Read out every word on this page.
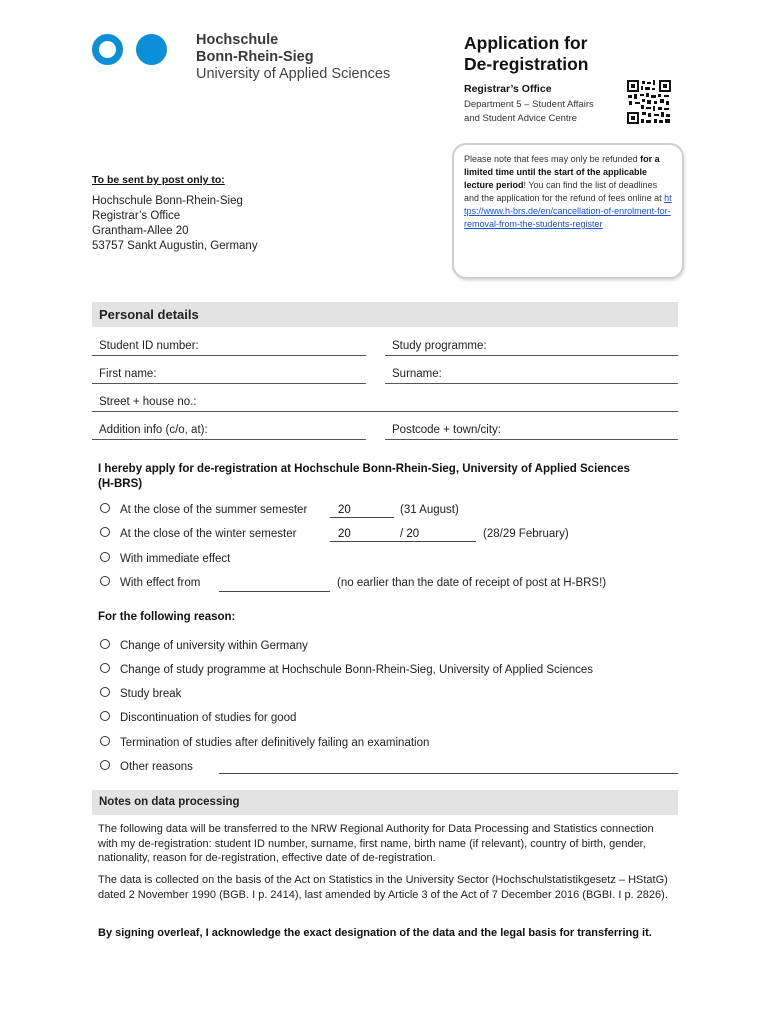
Hochschule
Bonn-Rhein-Sieg
University of Applied Sciences
Application for
De-registration
Registrar’s Office
Department 5 – Student Affairs
and Student Advice Centre
Please note that fees may only be refunded for a limited time until the start of the applicable lecture period! You can find the list of deadlines and the application for the refund of fees online at https://www.h-brs.de/en/cancellation-of-enrolment-for-removal-from-the-students-register
To be sent by post only to:
Hochschule Bonn-Rhein-Sieg
Registrar’s Office
Grantham-Allee 20
53757 Sankt Augustin, Germany
Personal details
Student ID number:	Study programme:
First name:	Surname:
Street + house no.:
Addition info (c/o, at):	Postcode + town/city:
I hereby apply for de-registration at Hochschule Bonn-Rhein-Sieg, University of Applied Sciences (H-BRS)
At the close of the summer semester	20	(31 August)
At the close of the winter semester	20	/ 20	(28/29 February)
With immediate effect
With effect from	(no earlier than the date of receipt of post at H-BRS!)
For the following reason:
Change of university within Germany
Change of study programme at Hochschule Bonn-Rhein-Sieg, University of Applied Sciences
Study break
Discontinuation of studies for good
Termination of studies after definitively failing an examination
Other reasons
Notes on data processing
The following data will be transferred to the NRW Regional Authority for Data Processing and Statistics connection with my de-registration: student ID number, surname, first name, birth name (if relevant), country of birth, gender, nationality, reason for de-registration, effective date of de-registration.
The data is collected on the basis of the Act on Statistics in the University Sector (Hochschulstatistikgesetz – HStatG) dated 2 November 1990 (BGB. I p. 2414), last amended by Article 3 of the Act of 7 December 2016 (BGBI. I p. 2826).
By signing overleaf, I acknowledge the exact designation of the data and the legal basis for transferring it.
